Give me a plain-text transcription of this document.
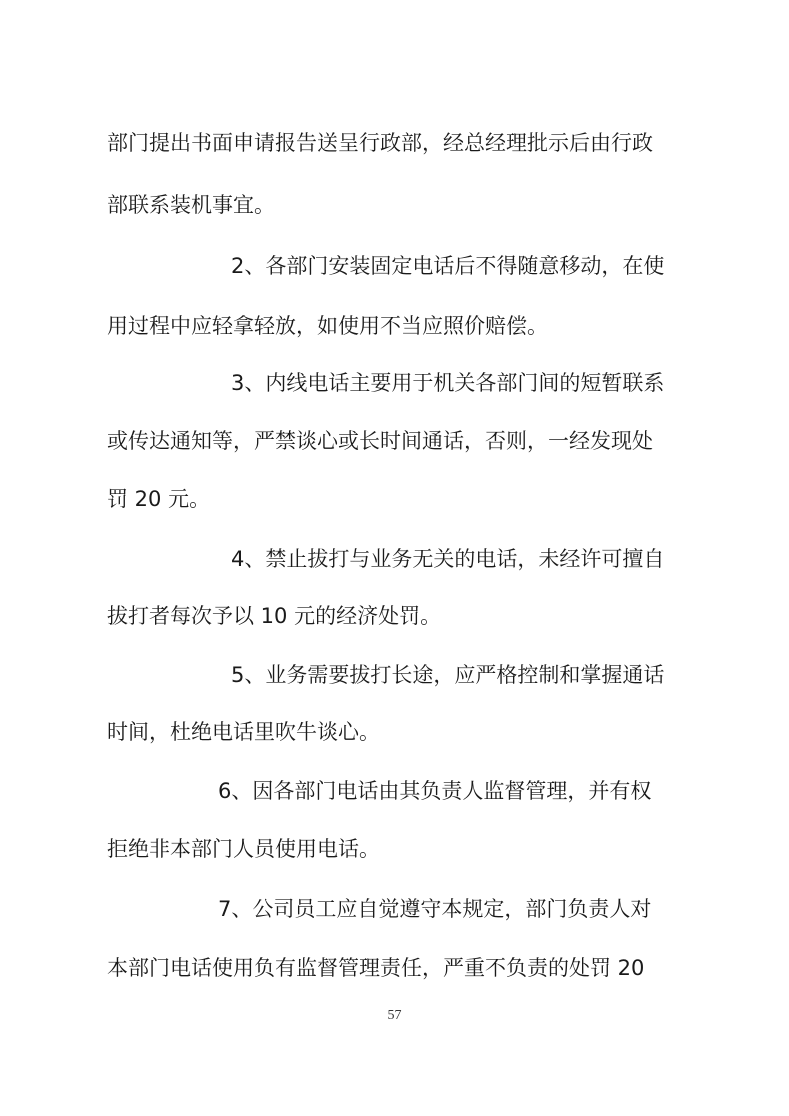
部门提出书面申请报告送呈行政部，经总经理批示后由行政
部联系装机事宜。
2、各部门安装固定电话后不得随意移动，在使
用过程中应轻拿轻放，如使用不当应照价赔偿。
3、内线电话主要用于机关各部门间的短暂联系
或传达通知等，严禁谈心或长时间通话，否则，一经发现处
罚 20 元。
4、禁止拔打与业务无关的电话，未经许可擅自
拔打者每次予以 10 元的经济处罚。
5、业务需要拔打长途，应严格控制和掌握通话
时间，杜绝电话里吹牛谈心。
6、因各部门电话由其负责人监督管理，并有权
拒绝非本部门人员使用电话。
7、公司员工应自觉遵守本规定，部门负责人对
本部门电话使用负有监督管理责任，严重不负责的处罚 20
57
